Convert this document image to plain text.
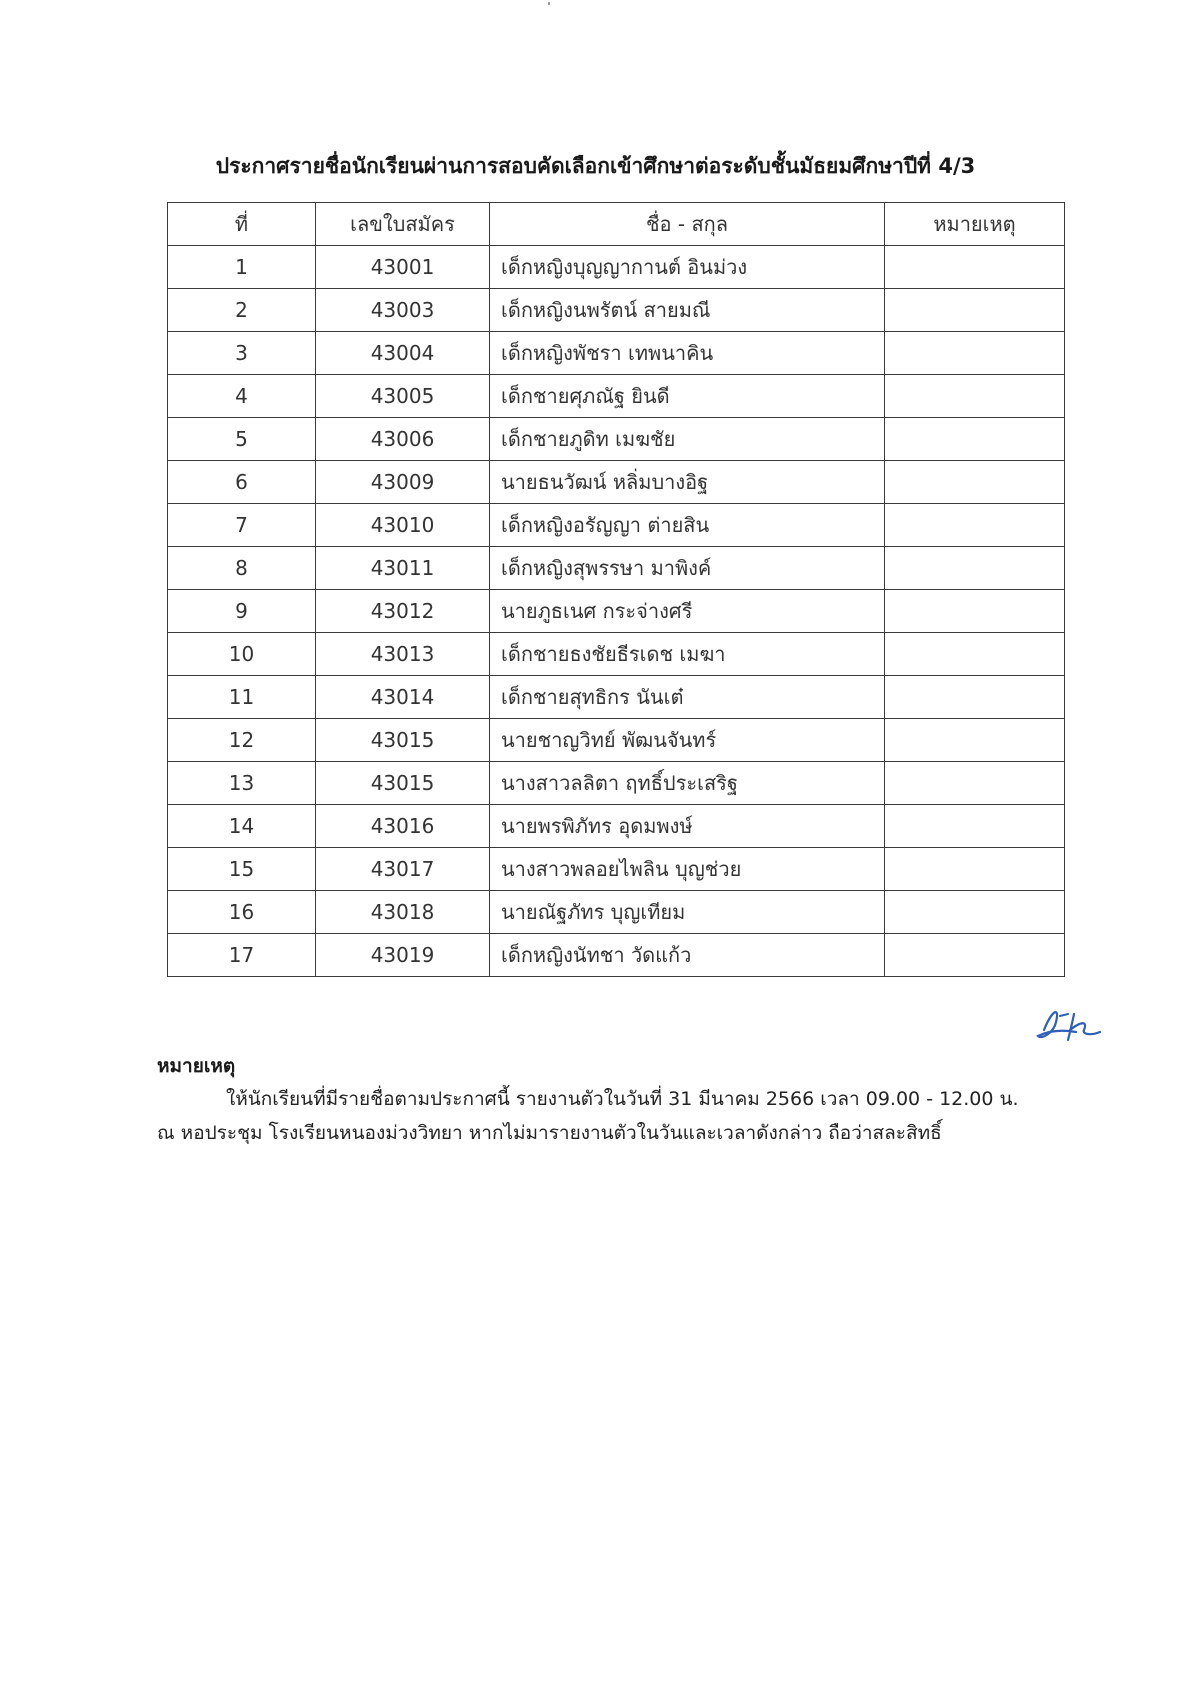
ประกาศรายชื่อนักเรียนผ่านการสอบคัดเลือกเข้าศึกษาต่อระดับชั้นมัธยมศึกษาปีที่ 4/3
ที่	เลขใบสมัคร	ชื่อ - สกุล	หมายเหตุ
1	43001	เด็กหญิงบุญญากานต์ อินม่วง	
2	43003	เด็กหญิงนพรัตน์ สายมณี	
3	43004	เด็กหญิงพัชรา เทพนาคิน	
4	43005	เด็กชายศุภณัฐ ยินดี	
5	43006	เด็กชายภูดิท เมฆชัย	
6	43009	นายธนวัฒน์ หลิ่มบางอิฐ	
7	43010	เด็กหญิงอรัญญา ต่ายสิน	
8	43011	เด็กหญิงสุพรรษา มาพิงค์	
9	43012	นายภูธเนศ กระจ่างศรี	
10	43013	เด็กชายธงชัยธีรเดช เมฆา	
11	43014	เด็กชายสุทธิกร นันเต๋	
12	43015	นายชาญวิทย์ พัฒนจันทร์	
13	43015	นางสาวลลิตา ฤทธิ์ประเสริฐ	
14	43016	นายพรพิภัทร อุดมพงษ์	
15	43017	นางสาวพลอยไพลิน บุญช่วย	
16	43018	นายณัฐภัทร บุญเทียม	
17	43019	เด็กหญิงนัทชา วัดแก้ว	
หมายเหตุ
ให้นักเรียนที่มีรายชื่อตามประกาศนี้ รายงานตัวในวันที่ 31 มีนาคม 2566 เวลา 09.00 - 12.00 น.
ณ หอประชุม โรงเรียนหนองม่วงวิทยา หากไม่มารายงานตัวในวันและเวลาดังกล่าว ถือว่าสละสิทธิ์
